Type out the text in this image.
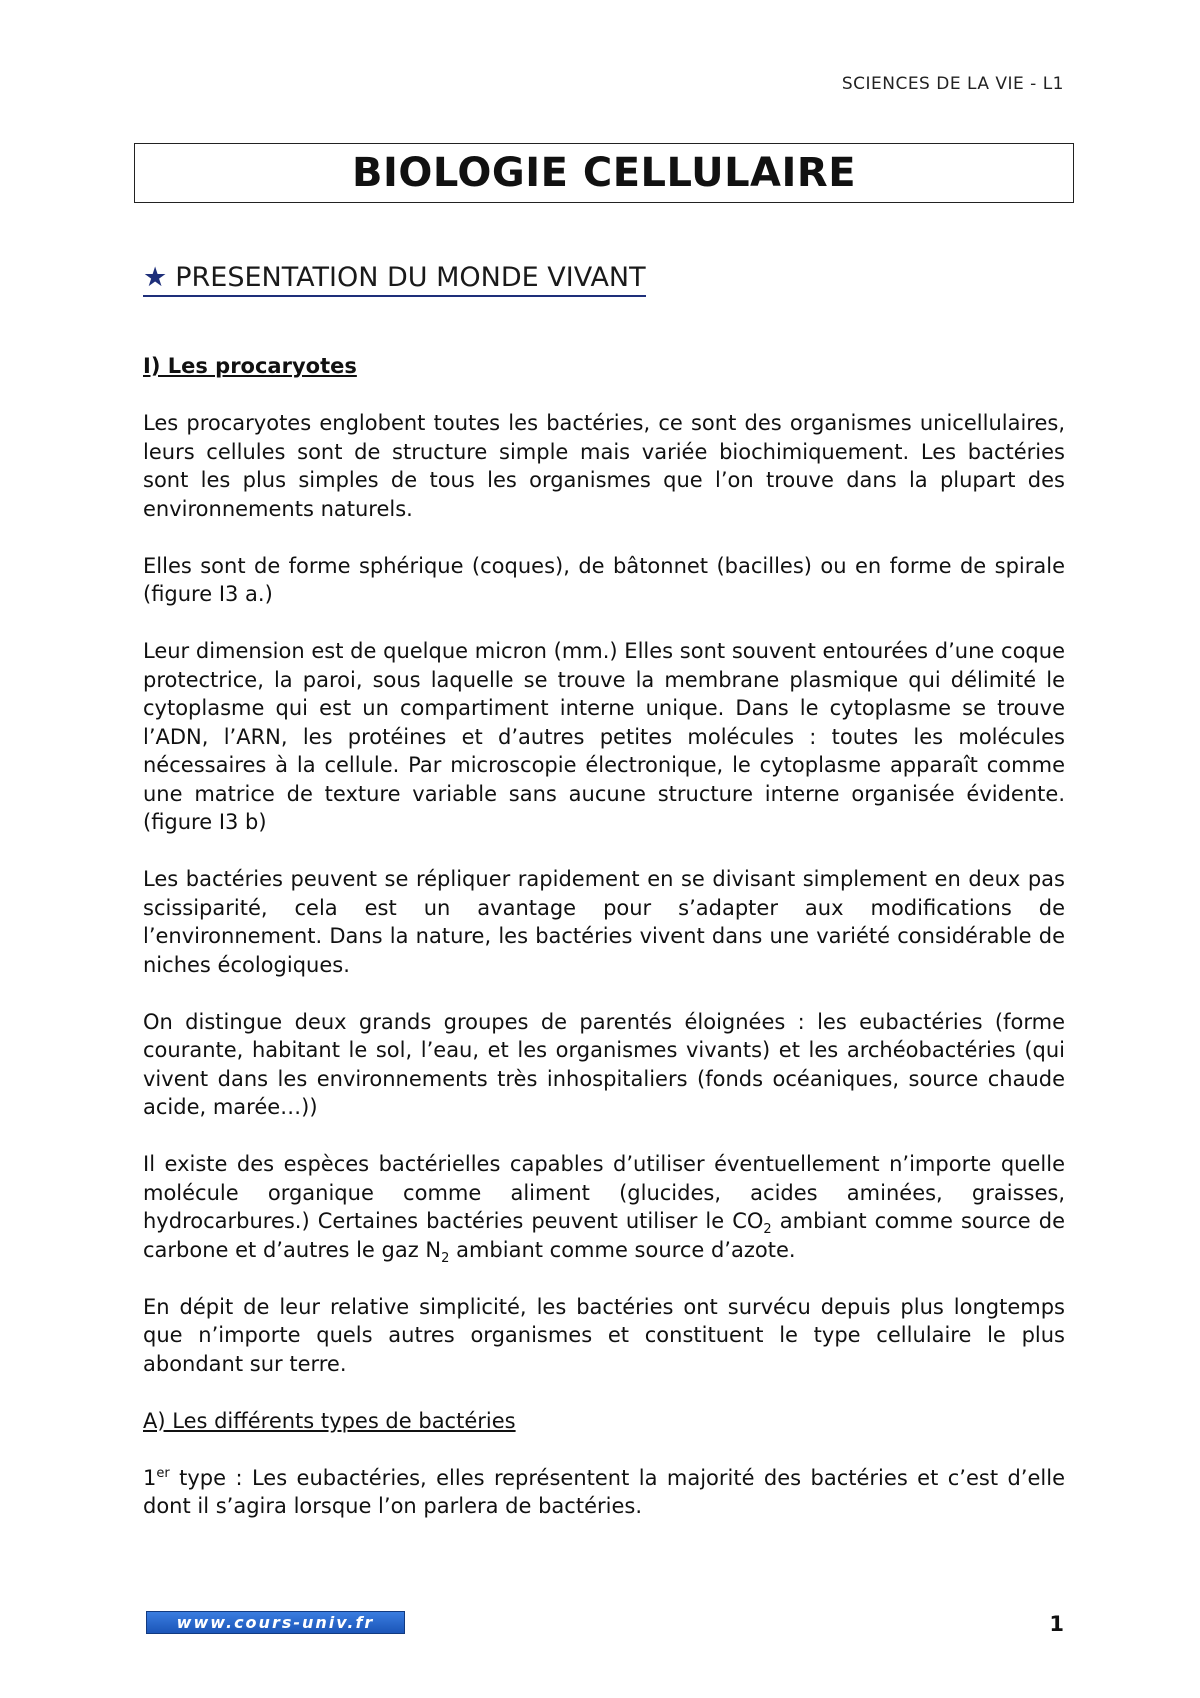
SCIENCES DE LA VIE - L1
BIOLOGIE CELLULAIRE
★ PRESENTATION DU MONDE VIVANT
I) Les procaryotes

Les procaryotes englobent toutes les bactéries, ce sont des organismes unicellulaires, leurs cellules sont de structure simple mais variée biochimiquement. Les bactéries sont les plus simples de tous les organismes que l’on trouve dans la plupart des environnements naturels.

Elles sont de forme sphérique (coques), de bâtonnet (bacilles) ou en forme de spirale (figure I3 a.)

Leur dimension est de quelque micron (mm.) Elles sont souvent entourées d’une coque protectrice, la paroi, sous laquelle se trouve la membrane plasmique qui délimité le cytoplasme qui est un compartiment interne unique. Dans le cytoplasme se trouve l’ADN, l’ARN, les protéines et d’autres petites molécules : toutes les molécules nécessaires à la cellule. Par microscopie électronique, le cytoplasme apparaît comme une matrice de texture variable sans aucune structure interne organisée évidente. (figure I3 b)

Les bactéries peuvent se répliquer rapidement en se divisant simplement en deux pas scissiparité, cela est un avantage pour s’adapter aux modifications de l’environnement. Dans la nature, les bactéries vivent dans une variété considérable de niches écologiques.

On distingue deux grands groupes de parentés éloignées : les eubactéries (forme courante, habitant le sol, l’eau, et les organismes vivants) et les archéobactéries (qui vivent dans les environnements très inhospitaliers (fonds océaniques, source chaude acide, marée…))

Il existe des espèces bactérielles capables d’utiliser éventuellement n’importe quelle molécule organique comme aliment (glucides, acides aminées, graisses, hydrocarbures.) Certaines bactéries peuvent utiliser le $CO_2$ ambiant comme source de carbone et d’autres le gaz $N_2$ ambiant comme source d’azote.

En dépit de leur relative simplicité, les bactéries ont survécu depuis plus longtemps que n’importe quels autres organismes et constituent le type cellulaire le plus abondant sur terre.

A) Les différents types de bactéries

1er type : Les eubactéries, elles représentent la majorité des bactéries et c’est d’elle dont il s’agira lorsque l’on parlera de bactéries.

www.cours-univ.fr	1
